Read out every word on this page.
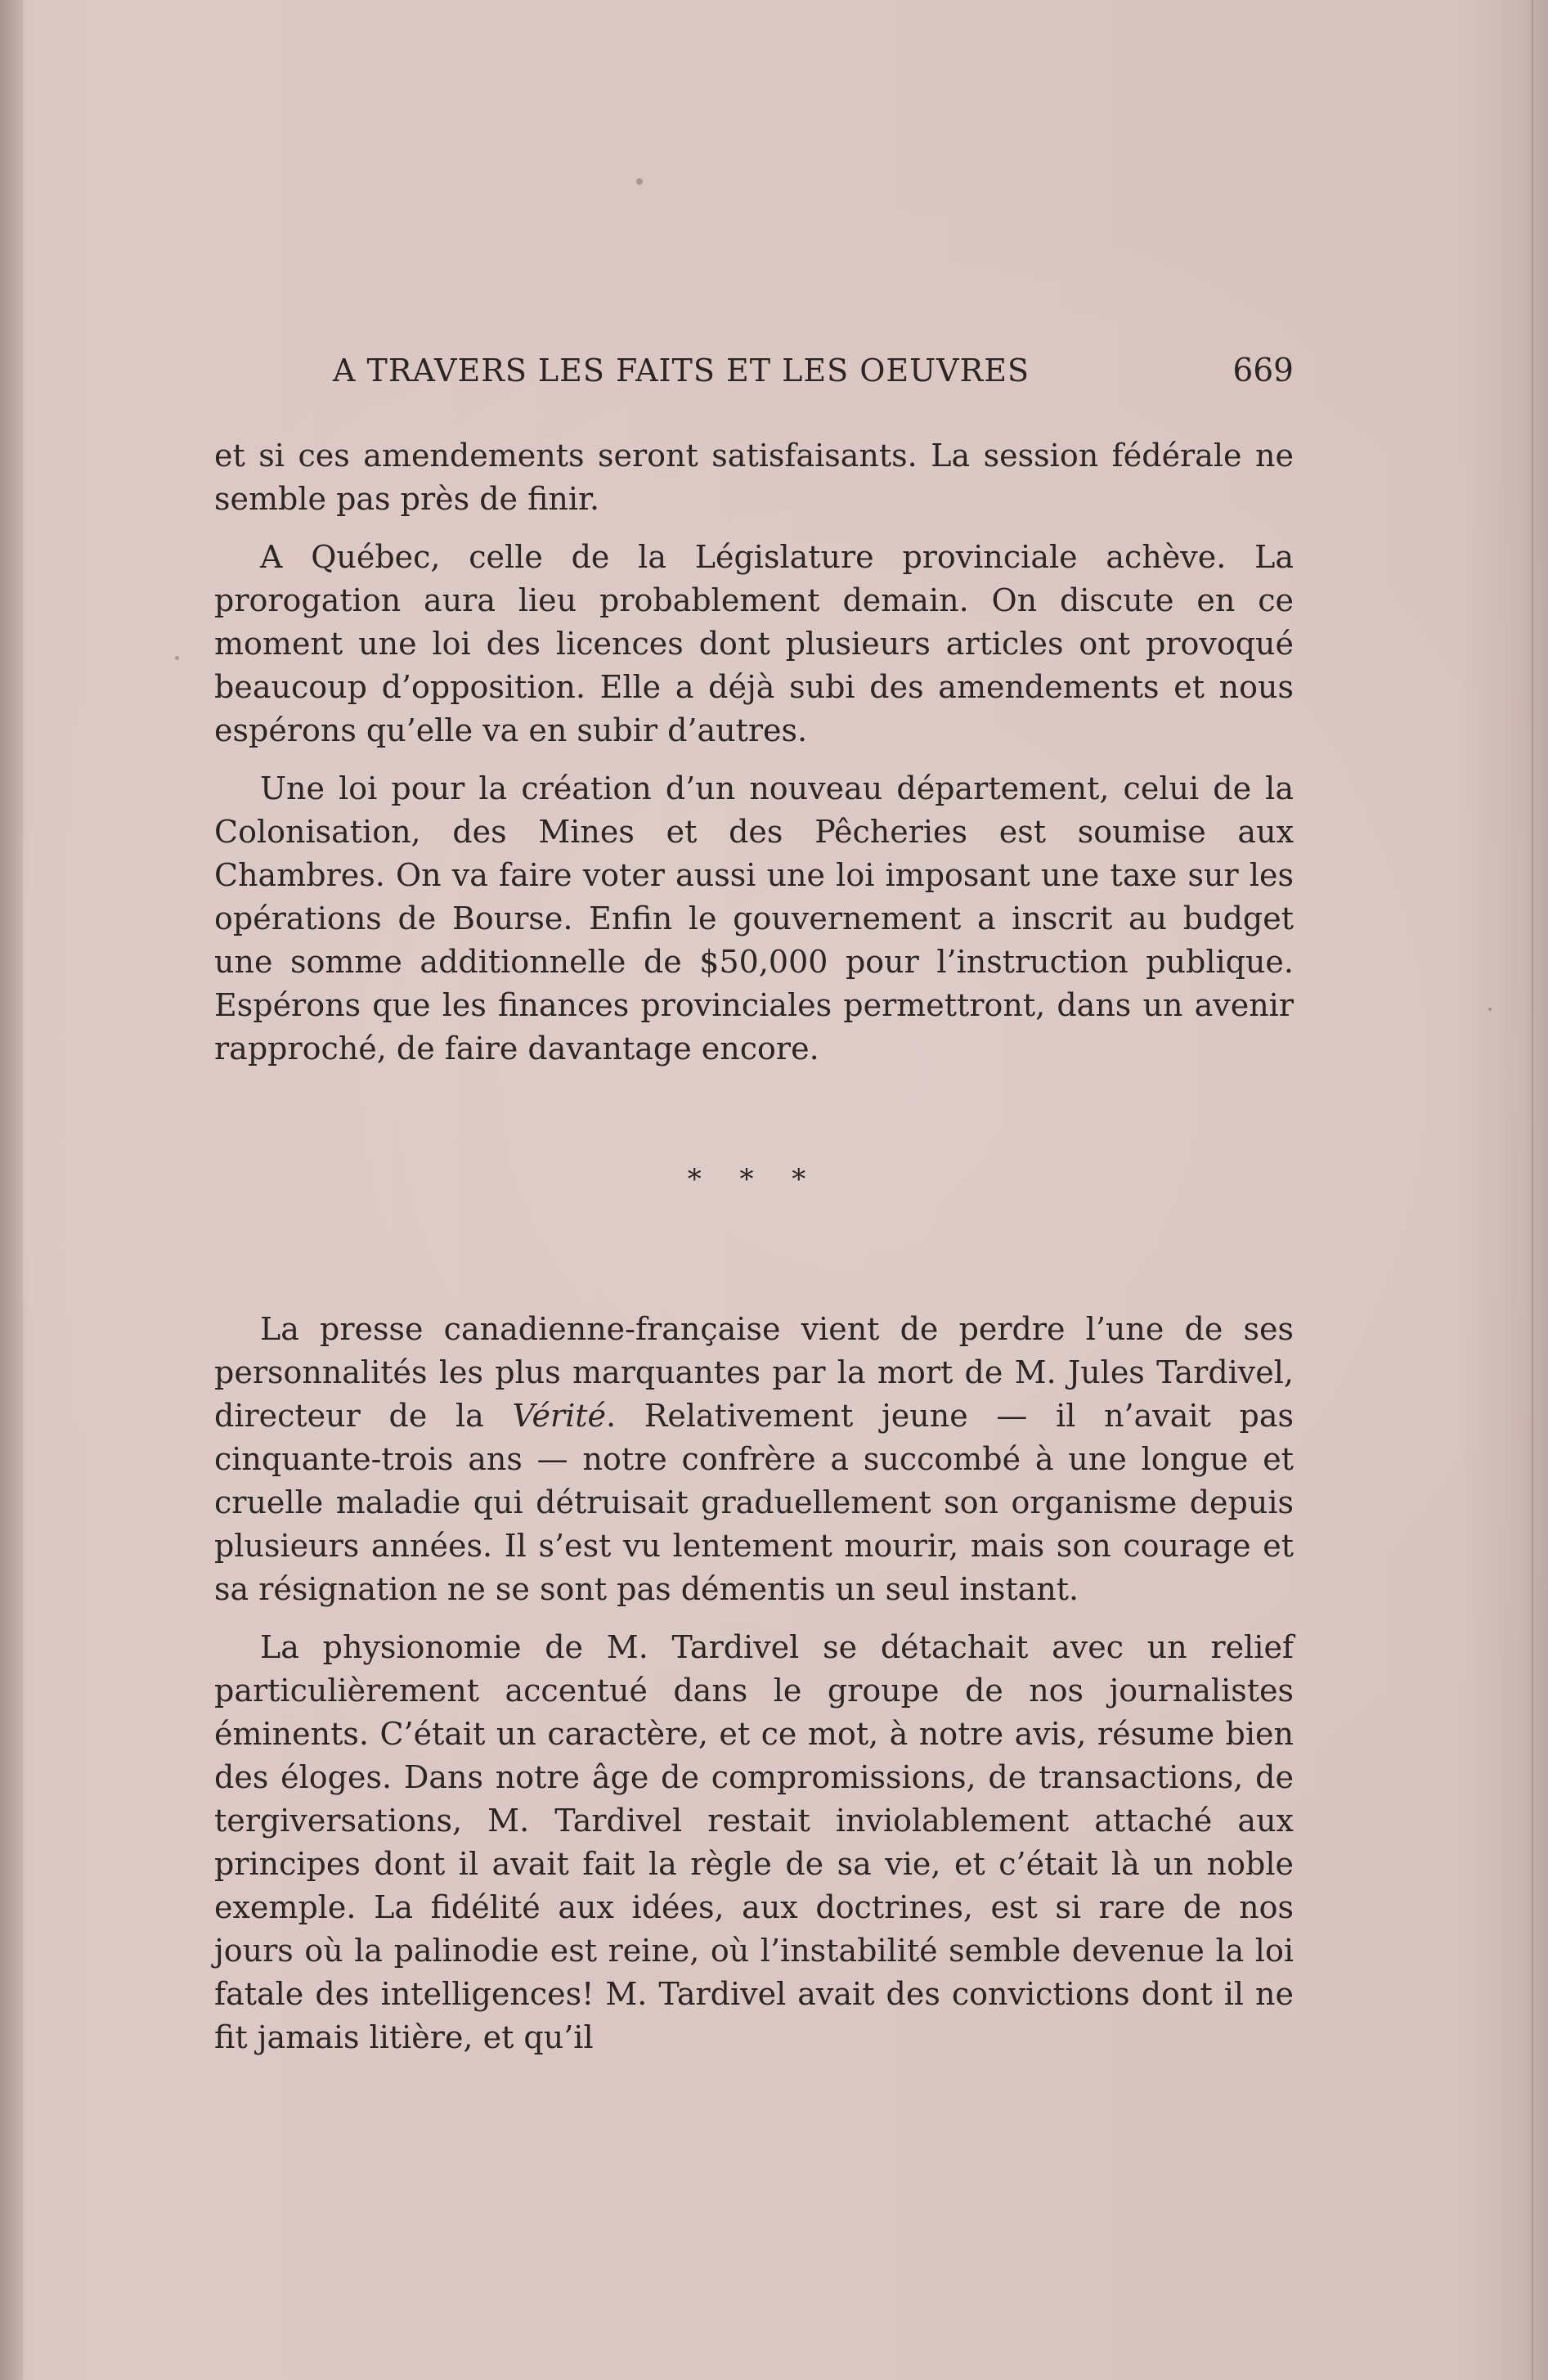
A TRAVERS LES FAITS ET LES OEUVRES	669

et si ces amendements seront satisfaisants. La session fédérale ne semble pas près de finir.

A Québec, celle de la Législature provinciale achève. La prorogation aura lieu probablement demain. On discute en ce moment une loi des licences dont plusieurs articles ont provoqué beaucoup d’opposition. Elle a déjà subi des amendements et nous espérons qu’elle va en subir d’autres.

Une loi pour la création d’un nouveau département, celui de la Colonisation, des Mines et des Pêcheries est soumise aux Chambres. On va faire voter aussi une loi imposant une taxe sur les opérations de Bourse. Enfin le gouvernement a inscrit au budget une somme additionnelle de $50,000 pour l’instruction publique. Espérons que les finances provinciales permettront, dans un avenir rapproché, de faire davantage encore.

* * *

La presse canadienne-française vient de perdre l’une de ses personnalités les plus marquantes par la mort de M. Jules Tardivel, directeur de la Vérité. Relativement jeune — il n’avait pas cinquante-trois ans — notre confrère a succombé à une longue et cruelle maladie qui détruisait graduellement son organisme depuis plusieurs années. Il s’est vu lentement mourir, mais son courage et sa résignation ne se sont pas démentis un seul instant.

La physionomie de M. Tardivel se détachait avec un relief particulièrement accentué dans le groupe de nos journalistes éminents. C’était un caractère, et ce mot, à notre avis, résume bien des éloges. Dans notre âge de compromissions, de transactions, de tergiversations, M. Tardivel restait inviolablement attaché aux principes dont il avait fait la règle de sa vie, et c’était là un noble exemple. La fidélité aux idées, aux doctrines, est si rare de nos jours où la palinodie est reine, où l’instabilité semble devenue la loi fatale des intelligences! M. Tardivel avait des convictions dont il ne fit jamais litière, et qu’il
